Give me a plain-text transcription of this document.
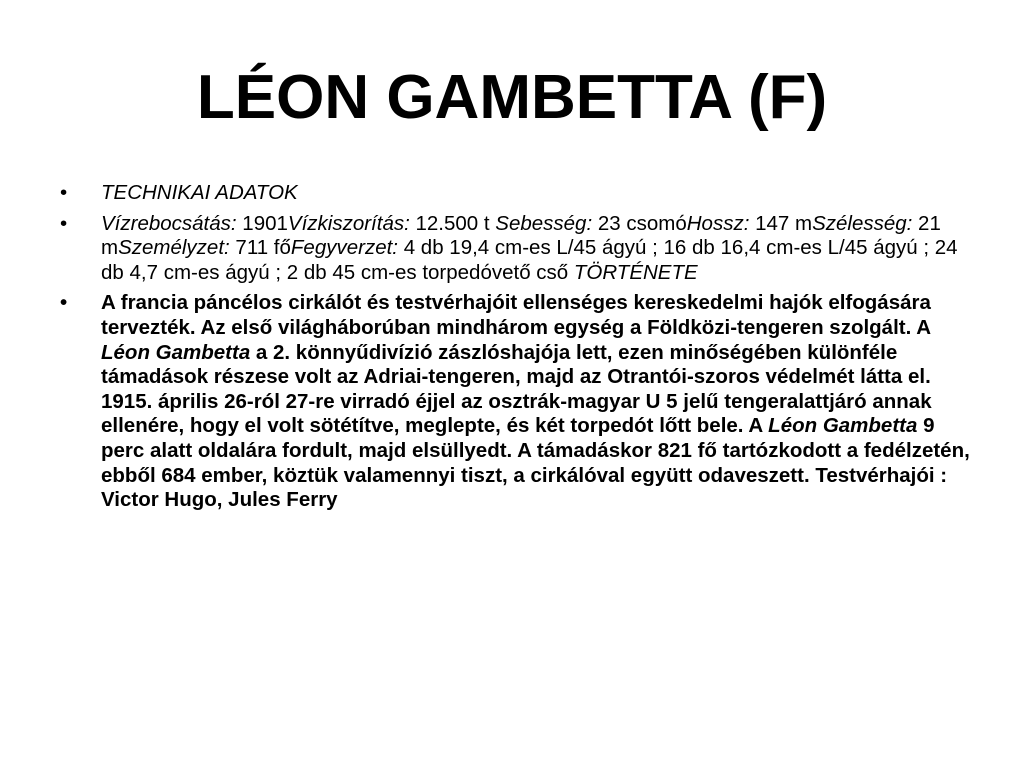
LÉON GAMBETTA (F)
•	TECHNIKAI ADATOK
•	Vízrebocsátás: 1901Vízkiszorítás: 12.500 t Sebesség: 23 csomóHossz: 147 mSzélesség: 21 mSzemélyzet: 711 főFegyverzet: 4 db 19,4 cm-es L/45 ágyú ; 16 db 16,4 cm-es L/45 ágyú ; 24 db 4,7 cm-es ágyú ; 2 db 45 cm-es torpedóvető cső TÖRTÉNETE
•	A francia páncélos cirkálót és testvérhajóit ellenséges kereskedelmi hajók elfogására tervezték. Az első világháborúban mindhárom egység a Földközi-tengeren szolgált. A Léon Gambetta a 2. könnyűdivízió zászlóshajója lett, ezen minőségében különféle támadások részese volt az Adriai-tengeren, majd az Otrantói-szoros védelmét látta el. 1915. április 26-ról 27-re virradó éjjel az osztrák-magyar U 5 jelű tengeralattjáró annak ellenére, hogy el volt sötétítve, meglepte, és két torpedót lőtt bele. A Léon Gambetta 9 perc alatt oldalára fordult, majd elsüllyedt. A támadáskor 821 fő tartózkodott a fedélzetén, ebből 684 ember, köztük valamennyi tiszt, a cirkálóval együtt odaveszett. Testvérhajói : Victor Hugo, Jules Ferry
